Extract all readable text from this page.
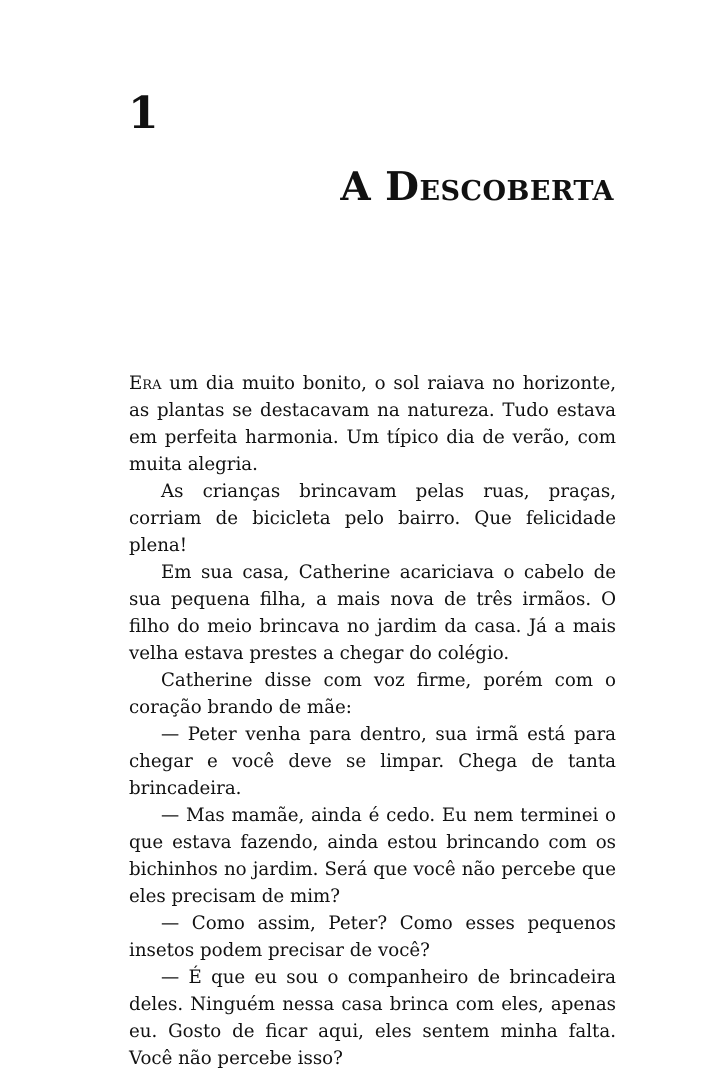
1
A Descoberta

Era um dia muito bonito, o sol raiava no horizonte, as plantas se destacavam na natureza. Tudo estava em perfeita harmonia. Um típico dia de verão, com muita alegria.

As crianças brincavam pelas ruas, praças, corriam de bicicleta pelo bairro. Que felicidade plena!

Em sua casa, Catherine acariciava o cabelo de sua pequena filha, a mais nova de três irmãos. O filho do meio brincava no jardim da casa. Já a mais velha estava prestes a chegar do colégio.

Catherine disse com voz firme, porém com o coração brando de mãe:

— Peter venha para dentro, sua irmã está para chegar e você deve se limpar. Chega de tanta brincadeira.

— Mas mamãe, ainda é cedo. Eu nem terminei o que estava fazendo, ainda estou brincando com os bichinhos no jardim. Será que você não percebe que eles precisam de mim?

— Como assim, Peter? Como esses pequenos insetos podem precisar de você?

— É que eu sou o companheiro de brincadeira deles. Ninguém nessa casa brinca com eles, apenas eu. Gosto de ficar aqui, eles sentem minha falta. Você não percebe isso?
